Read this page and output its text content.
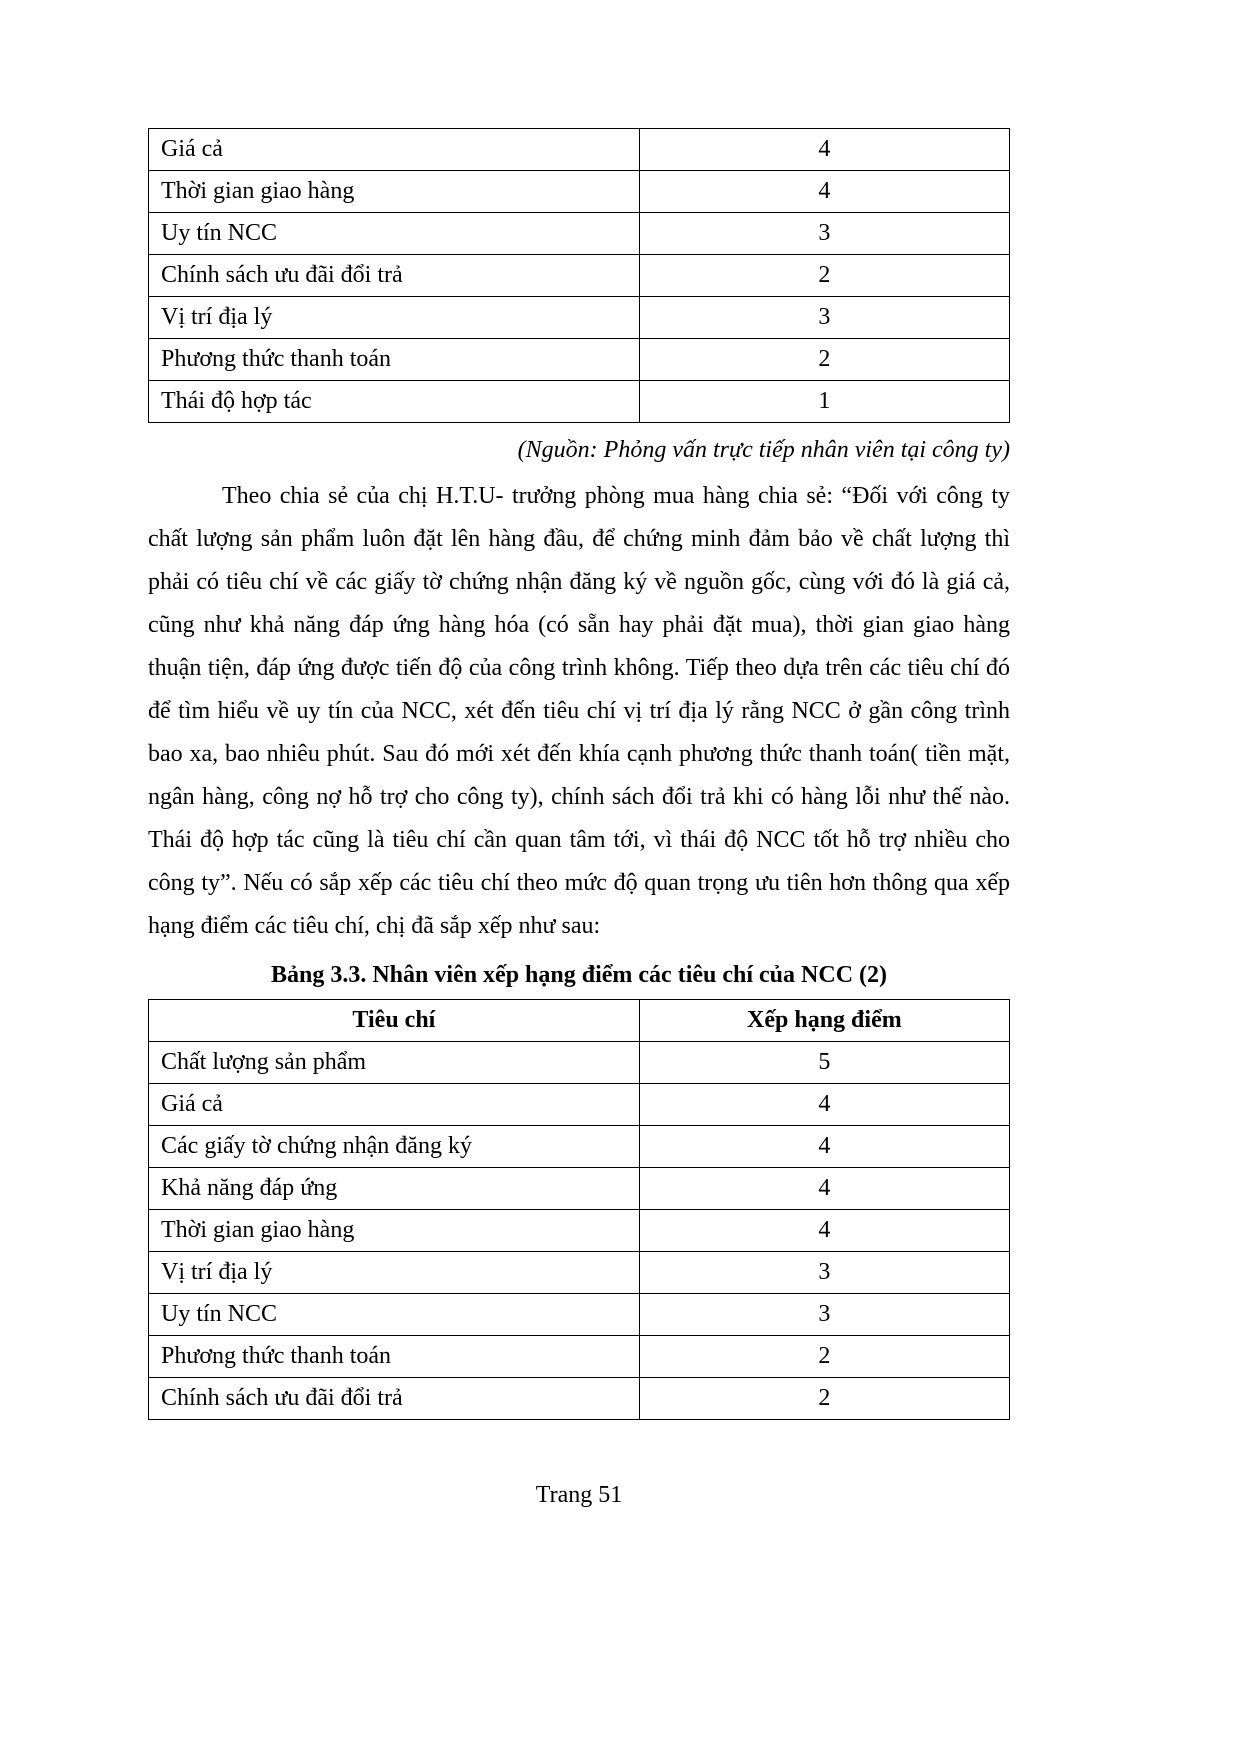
Giá cả	4
Thời gian giao hàng	4
Uy tín NCC	3
Chính sách ưu đãi đổi trả	2
Vị trí địa lý	3
Phương thức thanh toán	2
Thái độ hợp tác	1

(Nguồn: Phỏng vấn trực tiếp nhân viên tại công ty)

Theo chia sẻ của chị H.T.U- trưởng phòng mua hàng chia sẻ: “Đối với công ty chất lượng sản phẩm luôn đặt lên hàng đầu, để chứng minh đảm bảo về chất lượng thì phải có tiêu chí về các giấy tờ chứng nhận đăng ký về nguồn gốc, cùng với đó là giá cả, cũng như khả năng đáp ứng hàng hóa (có sẵn hay phải đặt mua), thời gian giao hàng thuận tiện, đáp ứng được tiến độ của công trình không. Tiếp theo dựa trên các tiêu chí đó để tìm hiểu về uy tín của NCC, xét đến tiêu chí vị trí địa lý rằng NCC ở gần công trình bao xa, bao nhiêu phút. Sau đó mới xét đến khía cạnh phương thức thanh toán( tiền mặt, ngân hàng, công nợ hỗ trợ cho công ty), chính sách đổi trả khi có hàng lỗi như thế nào. Thái độ hợp tác cũng là tiêu chí cần quan tâm tới, vì thái độ NCC tốt hỗ trợ nhiều cho công ty”. Nếu có sắp xếp các tiêu chí theo mức độ quan trọng ưu tiên hơn thông qua xếp hạng điểm các tiêu chí, chị đã sắp xếp như sau:

Bảng 3.3. Nhân viên xếp hạng điểm các tiêu chí của NCC (2)

Tiêu chí	Xếp hạng điểm
Chất lượng sản phẩm	5
Giá cả	4
Các giấy tờ chứng nhận đăng ký	4
Khả năng đáp ứng	4
Thời gian giao hàng	4
Vị trí địa lý	3
Uy tín NCC	3
Phương thức thanh toán	2
Chính sách ưu đãi đổi trả	2
Trang 51
